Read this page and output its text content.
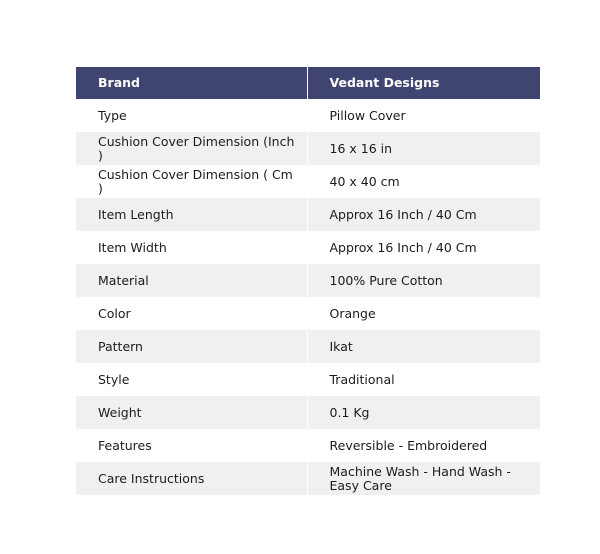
Brand	Vedant Designs
Type	Pillow Cover
Cushion Cover Dimension (Inch )	16 x 16 in
Cushion Cover Dimension ( Cm )	40 x 40 cm
Item Length	Approx 16 Inch / 40 Cm
Item Width	Approx 16 Inch / 40 Cm
Material	100% Pure Cotton
Color	Orange
Pattern	Ikat
Style	Traditional
Weight	0.1 Kg
Features	Reversible - Embroidered
Care Instructions	Machine Wash - Hand Wash - Easy Care
